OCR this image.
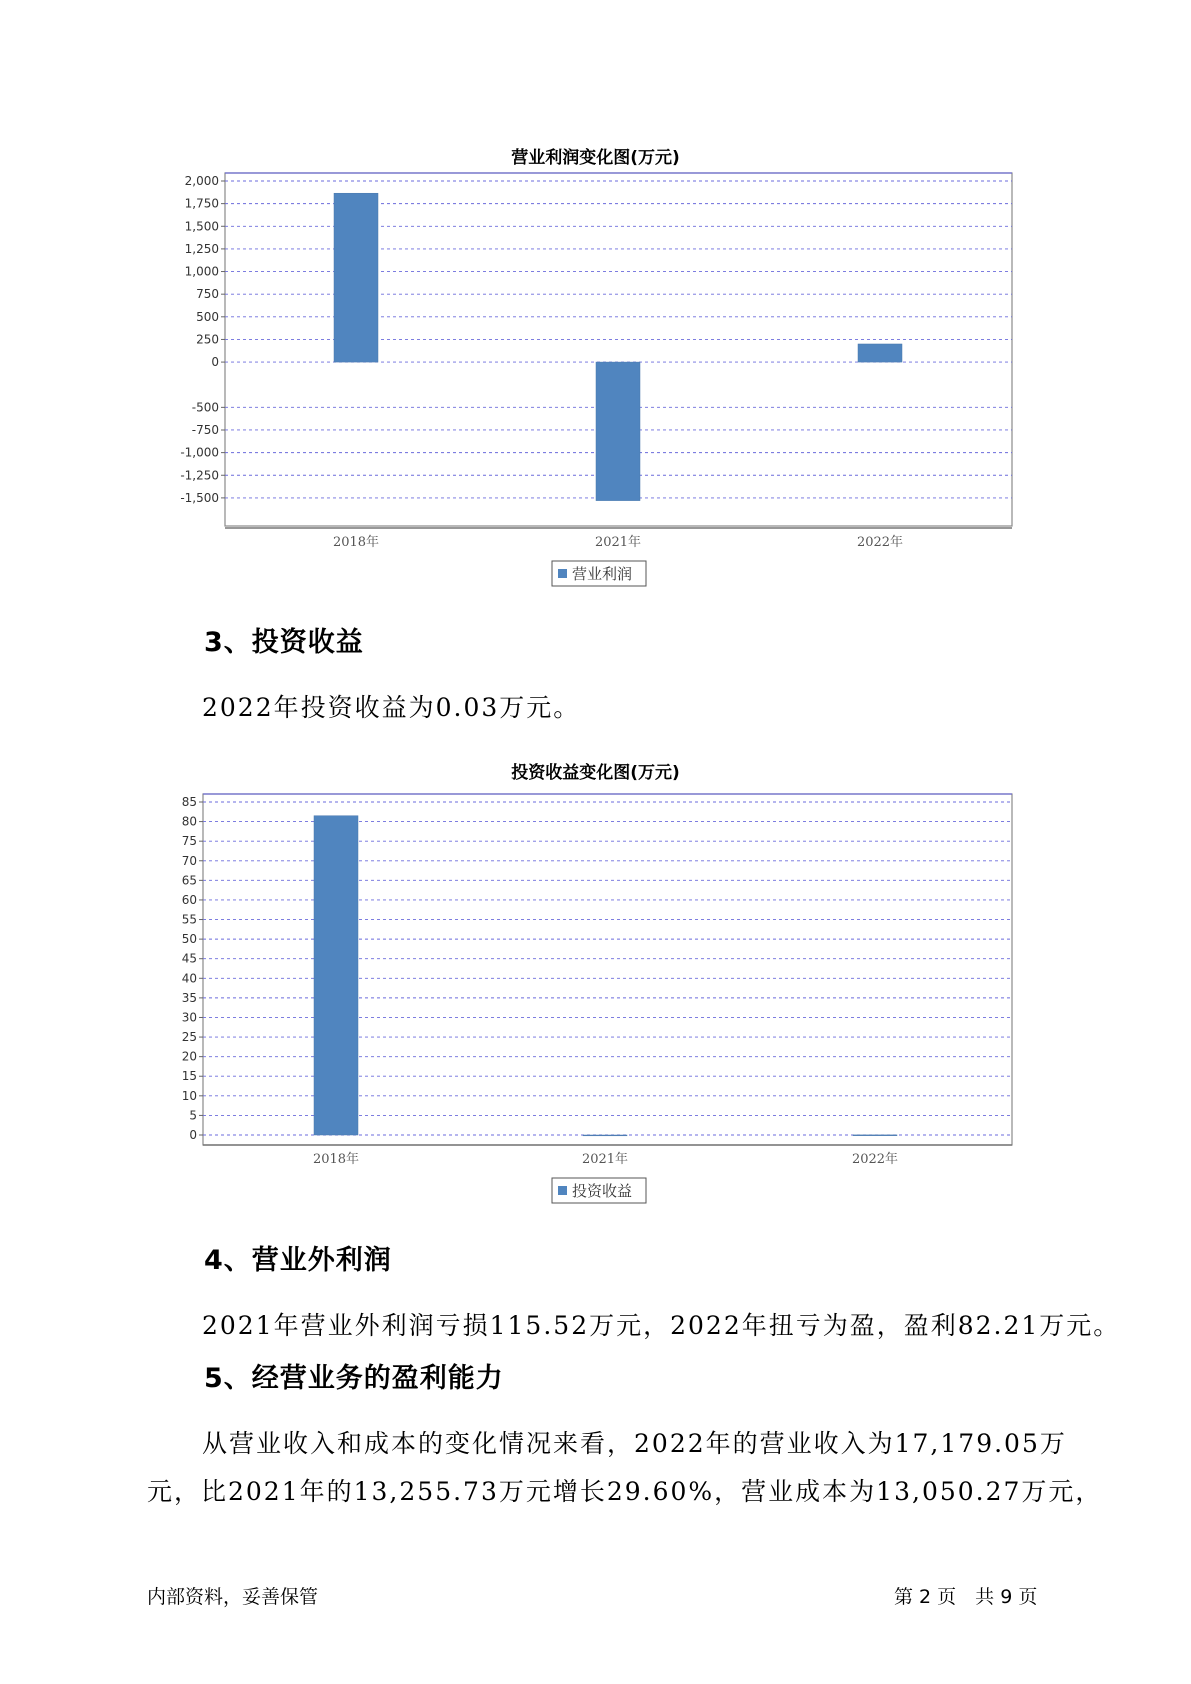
营业利润变化图(万元)
2,000
1,750
1,500
1,250
1,000
750
500
250
0
-500
-750
-1,000
-1,250
-1,500
2018年	2021年	2022年
营业利润
3、投资收益
2022年投资收益为0.03万元。
投资收益变化图(万元)
85
80
75
70
65
60
55
50
45
40
35
30
25
20
15
10
5
0
2018年	2021年	2022年
投资收益
4、营业外利润
2021年营业外利润亏损115.52万元，2022年扭亏为盈，盈利82.21万元。
5、经营业务的盈利能力
从营业收入和成本的变化情况来看，2022年的营业收入为17,179.05万
元，比2021年的13,255.73万元增长29.60%，营业成本为13,050.27万元，
内部资料，妥善保管	第 2 页　共 9 页
